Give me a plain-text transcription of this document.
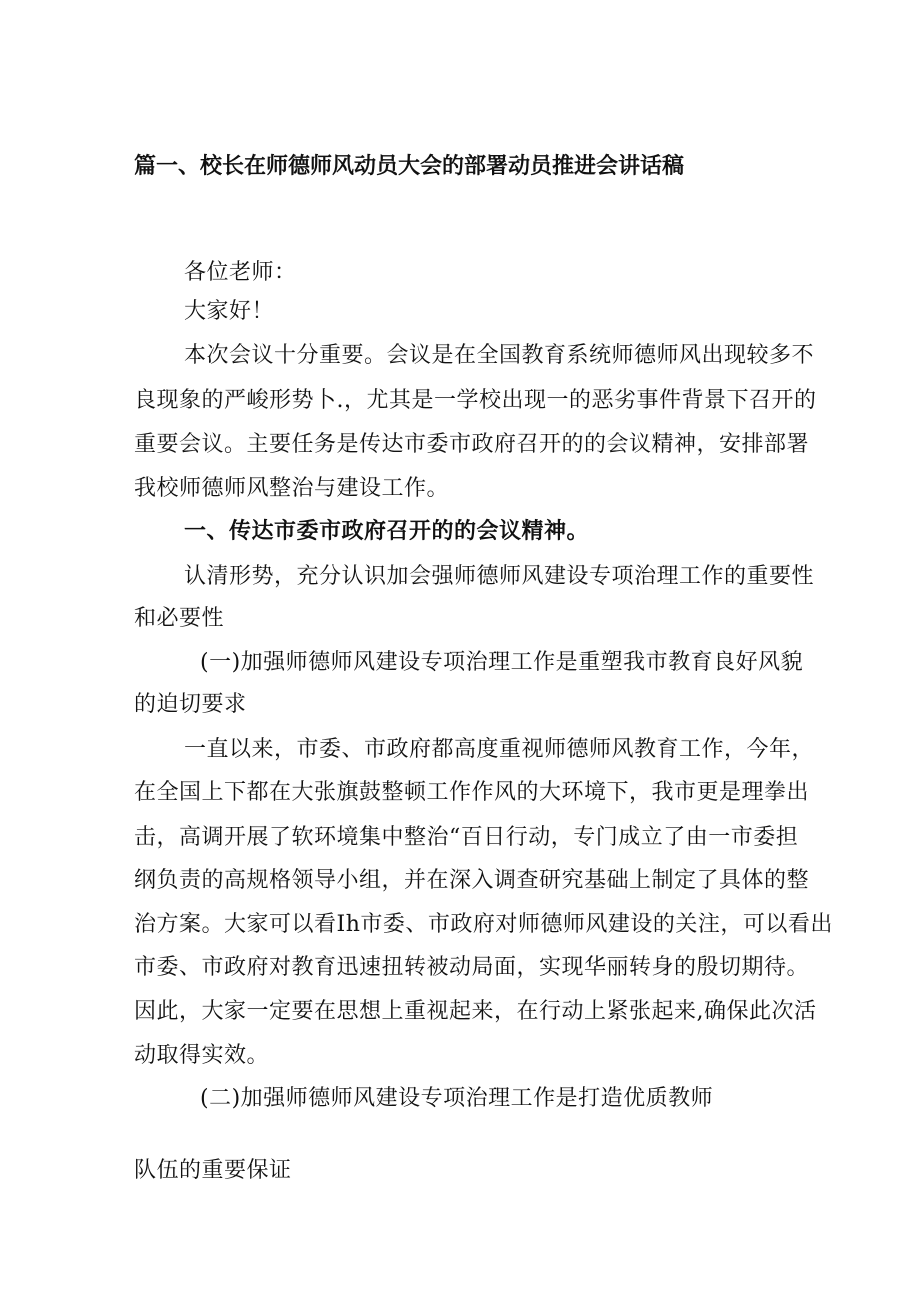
篇一、校长在师德师风动员大会的部署动员推进会讲话稿
各位老师：
大家好！
本次会议十分重要。会议是在全国教育系统师德师风出现较多不
良现象的严峻形势卜.，尤其是一学校出现一的恶劣事件背景下召开的
重要会议。主要任务是传达市委市政府召开的的会议精神，安排部署
我校师德师风整治与建设工作。
一、传达市委市政府召开的的会议精神。
认清形势，充分认识加会强师德师风建设专项治理工作的重要性
和必要性
(一)加强师德师风建设专项治理工作是重塑我市教育良好风貌
的迫切要求
一直以来，市委、市政府都高度重视师德师风教育工作，今年，
在全国上下都在大张旗鼓整顿工作作风的大环境下，我市更是理拳出
击，高调开展了软环境集中整治“百日行动，专门成立了由一市委担
纲负责的高规格领导小组，并在深入调查研究基础上制定了具体的整
治方案。大家可以看Ih市委、市政府对师德师风建设的关注，可以看出
市委、市政府对教育迅速扭转被动局面，实现华丽转身的殷切期待。
因此，大家一定要在思想上重视起来，在行动上紧张起来,确保此次活
动取得实效。
(二)加强师德师风建设专项治理工作是打造优质教师
队伍的重要保证
